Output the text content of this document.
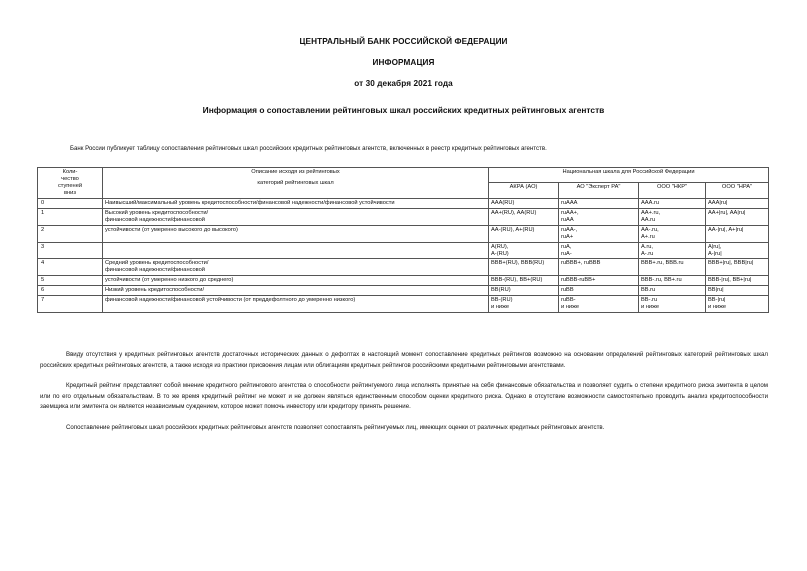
ЦЕНТРАЛЬНЫЙ БАНК РОССИЙСКОЙ ФЕДЕРАЦИИ
ИНФОРМАЦИЯ
от 30 декабря 2021 года
Информация о сопоставлении рейтинговых шкал российских кредитных рейтинговых агентств
Банк России публикует таблицу сопоставления рейтинговых шкал российских кредитных рейтинговых агентств, включенных в реестр кредитных рейтинговых агентств.
Коли-
чество
ступеней
вниз	Описание исходя из рейтинговых
категорий рейтинговых шкал	Национальная шкала для Российской Федерации			
		АКРА (АО)	АО "Эксперт РА"	ООО "НКР"	ООО "НРА"
0	Наивысший/максимальный уровень кредитоспособности/финансовой надежности/финансовой устойчивости	AAA(RU)	ruAAA	AAA.ru	AAA|ru|

1	Высокий уровень кредитоспособности/
финансовой надежности/финансовой	AA+(RU), AA(RU)	ruAA+,
ruAA	AA+.ru,
AA.ru	AA+|ru|, AA|ru|

2	устойчивости (от умеренно высокого до высокого)	AA-(RU), A+(RU)	ruAA-,
ruA+	AA-.ru,
A+.ru	AA-|ru|, A+|ru|

3		A(RU),
A-(RU)	ruA,
ruA-	A.ru,
A-.ru	A|ru|,
A-|ru|

4	Средний уровень кредитоспособности/
финансовой надежности/финансовой	BBB+(RU), BBB(RU)	ruBBB+, ruBBB	BBB+.ru, BBB.ru	BBB+|ru|, BBB|ru|

5	устойчивости (от умеренно низкого до среднего)	BBB-(RU), BB+(RU)	ruBBB-ruBB+	BBB-.ru, BB+.ru	BBB-|ru|, BB+|ru|

6	Низкий уровень кредитоспособности/	BB(RU)	ruBB	BB.ru	BB|ru|

7	финансовой надежности/финансовой устойчивости (от преддефолтного до умеренно низкого)	BB-(RU)
и ниже	ruBB-
и ниже	BB-.ru
и ниже	BB-|ru|
и ниже
Ввиду отсутствия у кредитных рейтинговых агентств достаточных исторических данных о дефолтах в настоящий момент сопоставление кредитных рейтингов возможно на основании определений рейтинговых категорий рейтинговых шкал российских кредитных рейтинговых агентств, а также исходя из практики присвоения лицам или облигациям кредитных рейтингов российскими кредитными рейтинговыми агентствами.
Кредитный рейтинг представляет собой мнение кредитного рейтингового агентства о способности рейтингуемого лица исполнять принятые на себя финансовые обязательства и позволяет судить о степени кредитного риска эмитента в целом или по его отдельным обязательствам. В то же время кредитный рейтинг не может и не должен являться единственным способом оценки кредитного риска. Однако в отсутствие возможности самостоятельно проводить анализ кредитоспособности заемщика или эмитента он является независимым суждением, которое может помочь инвестору или кредитору принять решение.
Сопоставление рейтинговых шкал российских кредитных рейтинговых агентств позволяет сопоставлять рейтингуемых лиц, имеющих оценки от различных кредитных рейтинговых агентств.
